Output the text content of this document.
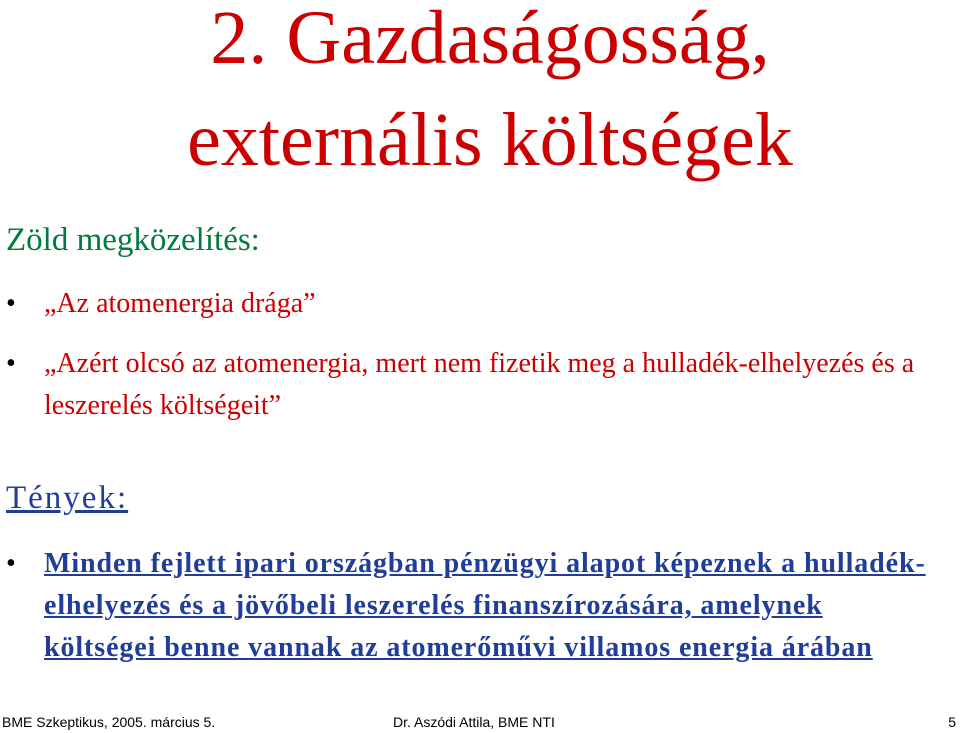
2. Gazdaságosság,
externális költségek
Zöld megközelítés:
• „Az atomenergia drága”
• „Azért olcsó az atomenergia, mert nem fizetik meg a hulladék-elhelyezés és a leszerelés költségeit”
Tények:
• Minden fejlett ipari országban pénzügyi alapot képeznek a hulladék-elhelyezés és a jövőbeli leszerelés finanszírozására, amelynek költségei benne vannak az atomerőművi villamos energia árában
BME Szkeptikus, 2005. március 5.	Dr. Aszódi Attila, BME NTI	5
